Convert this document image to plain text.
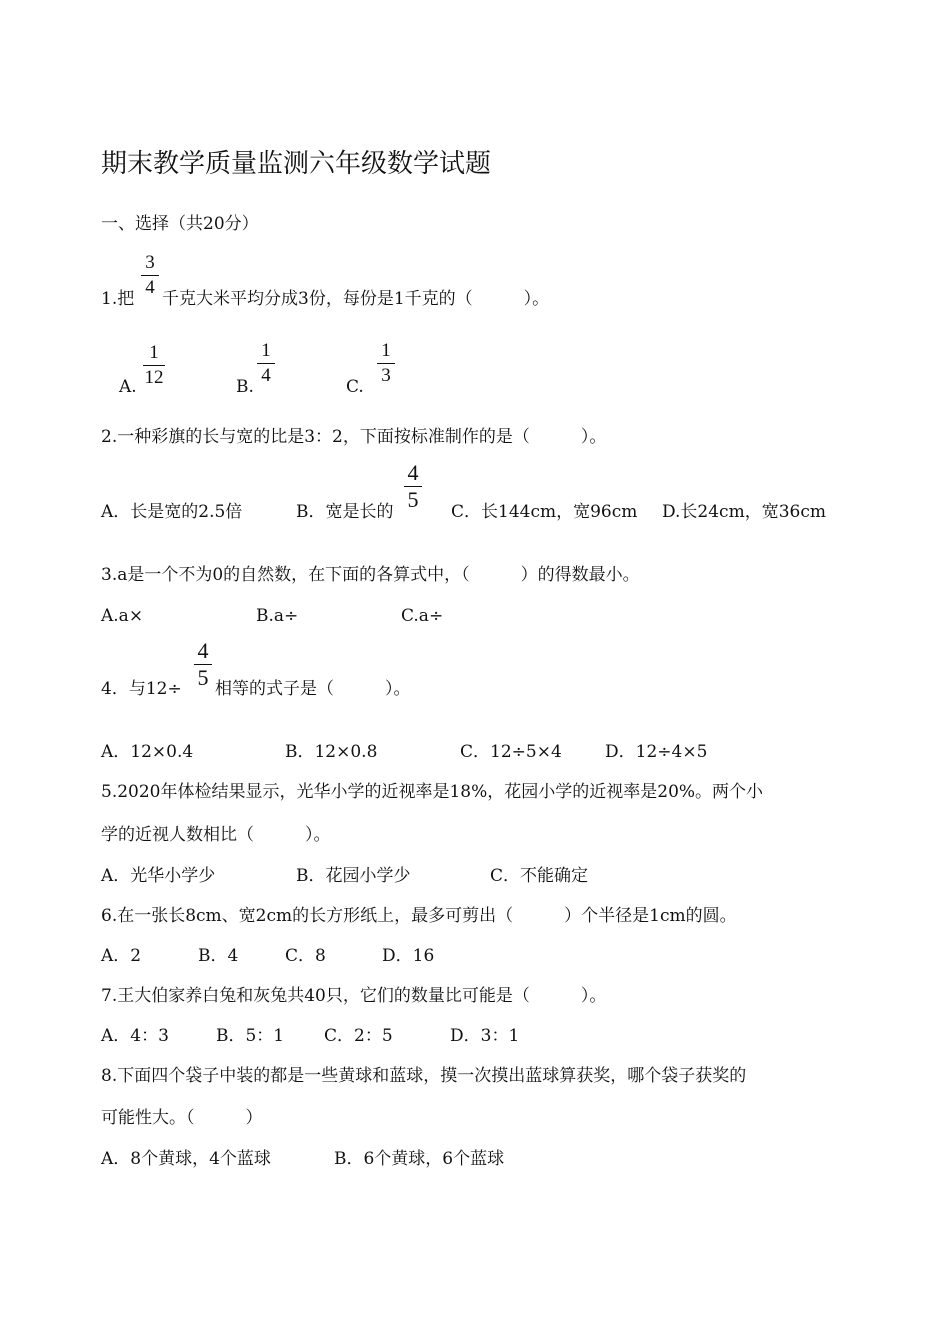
期末教学质量监测六年级数学试题
一、选择（共20分）
1.把
3
4
千克大米平均分成3份，每份是1千克的（　　　）。
A.
1
12	B.
1
4
C.
1
3
2.一种彩旗的长与宽的比是3：2，下面按标准制作的是（　　　）。
A．长是宽的2.5倍	B．宽是长的
4
5 C．长144cm，宽96cm D.长24cm，宽36cm
3.a是一个不为0的自然数，在下面的各算式中，（　　　）的得数最小。
A.a×	B.a÷	C.a÷
4．与12÷
4
5 相等的式子是（　　　）。
A．12×0.4	B．12×0.8	C．12÷5×4	D．12÷4×5
5.2020年体检结果显示，光华小学的近视率是18%，花园小学的近视率是20%。两个小
学的近视人数相比（　　　）。
A．光华小学少	B．花园小学少	C．不能确定
6.在一张长8cm、宽2cm的长方形纸上，最多可剪出（　　　）个半径是1cm的圆。
A．2	B．4	C．8	D．16
7.王大伯家养白兔和灰兔共40只，它们的数量比可能是（　　　）。
A．4：3	B．5：1 C．2：5	D．3：1
8.下面四个袋子中装的都是一些黄球和蓝球，摸一次摸出蓝球算获奖，哪个袋子获奖的
可能性大。（　　　）
A．8个黄球，4个蓝球	B．6个黄球，6个蓝球
